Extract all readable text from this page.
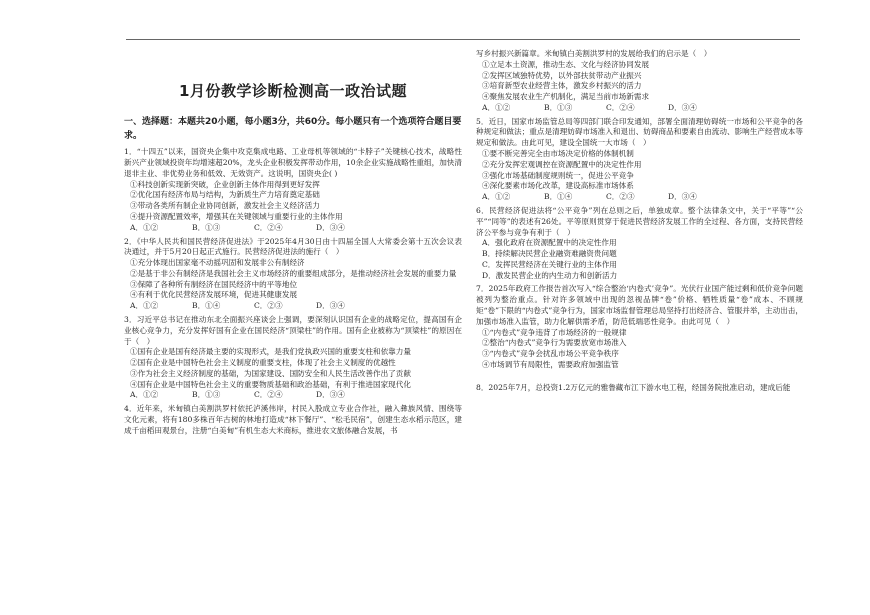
1月份教学诊断检测高一政治试题
一、选择题：本题共20小题，每小题3分，共60分。每小题只有一个选项符合题目要求。
1．“十四五”以来，国资央企集中攻克集成电路、工业母机等领域的“卡脖子”关键核心技术，战略性新兴产业领域投资年均增速超20%，龙头企业积极发挥带动作用，10余企业实施战略性重组，加快清退非主业、非优势业务和低效、无效资产。这说明，国资央企( )
①科技创新实现新突破，企业创新主体作用得到更好发挥
②优化国有经济布局与结构，为新质生产力培育奠定基础
③带动各类所有制企业协同创新，激发社会主义经济活力
④提升资源配置效率，增强其在关键领域与重要行业的主体作用
A．①②	B．①③	C．②④	D．③④
2．《中华人民共和国民营经济促进法》于2025年4月30日由十四届全国人大常委会第十五次会议表决通过，并于5月20日起正式施行。民营经济促进法的施行（　）
①充分体现出国家毫不动摇巩固和发展非公有制经济
②是基于非公有制经济是我国社会主义市场经济的重要组成部分，是推动经济社会发展的重要力量
③保障了各种所有制经济在国民经济中的平等地位
④有利于优化民营经济发展环境，促进其健康发展
A．①②	B．①④	C．②③	D．③④
3．习近平总书记在推动东北全面振兴座谈会上强调，要深刻认识国有企业的战略定位，提高国有企业核心竞争力，充分发挥好国有企业在国民经济“顶梁柱”的作用。国有企业被称为“顶梁柱”的原因在于（　）
①国有企业是国有经济最主要的实现形式，是我们党执政兴国的重要支柱和依靠力量
②国有企业是中国特色社会主义制度的重要支柱，体现了社会主义制度的优越性
③作为社会主义经济制度的基础，为国家建设、国防安全和人民生活改善作出了贡献
④国有企业是中国特色社会主义的重要物质基础和政治基础，有利于推进国家现代化
A．①②	B．①③	C．②④	D．③④
4．近年来，米甸镇白美割洪罗村依托泸溪伟岸，村民入股成立专业合作社，融入彝族风情、围绕等文化元素，将有180多株百年古树的林地打造成“林下餐厅”、“松毛民宿”，创建生态水稻示范区，建成千亩稻田观景台，注册“白美甸”有机生态大米商标，推进农文旅体融合发展，书
写乡村振兴新篇章。米甸镇白美割洪罗村的发展给我们的启示是（　）
①立足本土资源，推动生态、文化与经济协同发展
②发挥区域独特优势，以外部扶贫带动产业振兴
③培育新型农业经营主体，激发乡村振兴的活力
④聚焦发展农业生产机制化，满足当前市场新需求
A．①②	B．①③	C．②④	D．③④
5．近日，国家市场监管总局等四部门联合印发通知，部署全面清理妨碍统一市场和公平竞争的各种规定和做法；重点是清理妨碍市场准入和退出、妨碍商品和要素自由流动、影响生产经营成本等规定和做法。由此可见，建设全国统一大市场（　）
①要不断完善完全由市场决定价格的体制机制
②充分发挥宏观调控在资源配置中的决定性作用
③强化市场基础制度规则统一，促进公平竞争
④深化要素市场化改革，建设高标准市场体系
A．①②	B．①④	C．②③	D．③④
6．民营经济促进法将“公平竞争”列在总则之后，单独成章。整个法律条文中，关于“平等”“公平”“同等”的表述有26处。平等原则贯穿于促进民营经济发展工作的全过程、各方面，支持民营经济公平参与竞争有利于（　）
A．强化政府在资源配置中的决定性作用
B．持续解决民营企业融资难融资贵问题
C．发挥民营经济在关键行业的主体作用
D．激发民营企业的内生动力和创新活力
7．2025年政府工作报告首次写入“综合整治‘内卷式’竞争”。光伏行业国产能过剩和低价竞争问题被列为整治重点。针对许多领域中出现的忽视品牌“卷”价格、牺牲质量“卷”成本、不顾规矩“卷”下限的“内卷式”竞争行为，国家市场监督管理总局坚持打出经济合、管服并举，主动出击，加强市场准入监管，助力化解供需矛盾，防范低端恶性竞争。由此可见（　）
①“内卷式”竞争违背了市场经济的一般规律
②整治“内卷式”竞争行为需要放宽市场准入
③“内卷式”竞争会扰乱市场公平竞争秩序
④市场调节有局限性，需要政府加强监管
8．2025年7月，总投资1.2万亿元的雅鲁藏布江下游水电工程，经国务院批准启动，建成后能
